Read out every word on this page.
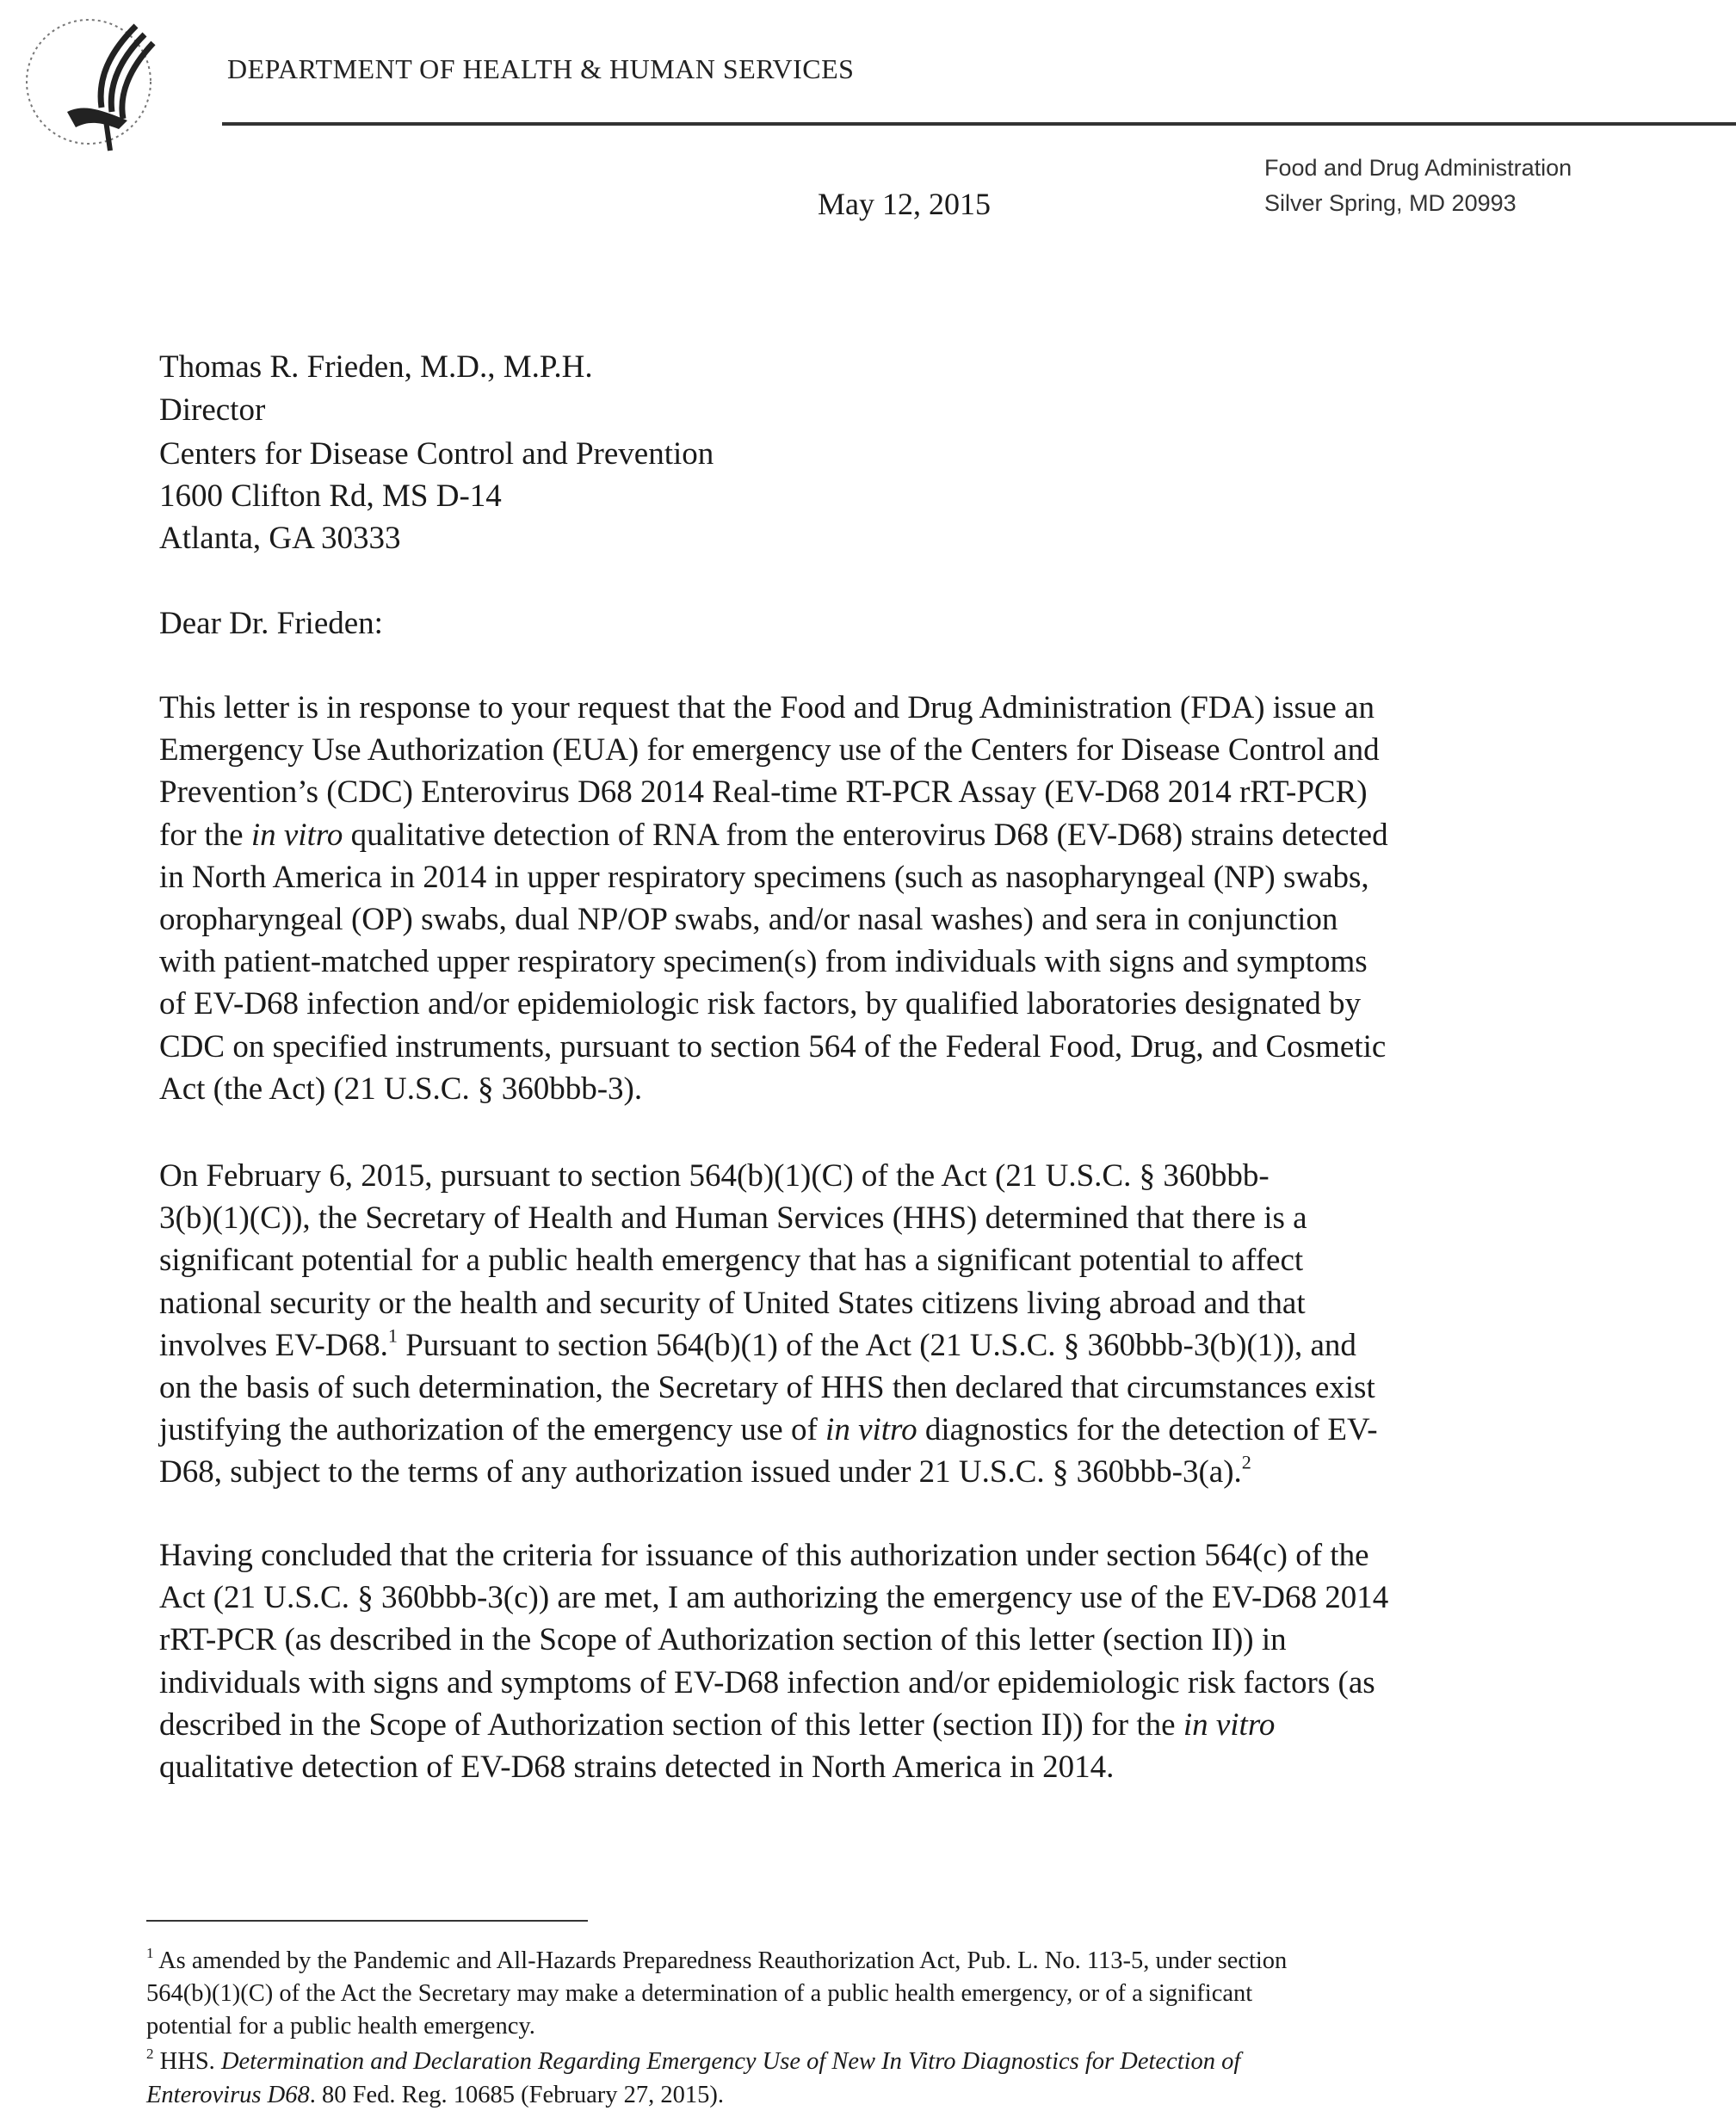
DEPARTMENT OF HEALTH & HUMAN SERVICES
May 12, 2015
Food and Drug Administration
Silver Spring, MD 20993
Thomas R. Frieden, M.D., M.P.H.
Director
Centers for Disease Control and Prevention
1600 Clifton Rd, MS D-14
Atlanta, GA 30333
Dear Dr. Frieden:
This letter is in response to your request that the Food and Drug Administration (FDA) issue an
Emergency Use Authorization (EUA) for emergency use of the Centers for Disease Control and
Prevention’s (CDC) Enterovirus D68 2014 Real-time RT-PCR Assay (EV-D68 2014 rRT-PCR)
for the in vitro qualitative detection of RNA from the enterovirus D68 (EV-D68) strains detected
in North America in 2014 in upper respiratory specimens (such as nasopharyngeal (NP) swabs,
oropharyngeal (OP) swabs, dual NP/OP swabs, and/or nasal washes) and sera in conjunction
with patient-matched upper respiratory specimen(s) from individuals with signs and symptoms
of EV-D68 infection and/or epidemiologic risk factors, by qualified laboratories designated by
CDC on specified instruments, pursuant to section 564 of the Federal Food, Drug, and Cosmetic
Act (the Act) (21 U.S.C. § 360bbb-3).
On February 6, 2015, pursuant to section 564(b)(1)(C) of the Act (21 U.S.C. § 360bbb-
3(b)(1)(C)), the Secretary of Health and Human Services (HHS) determined that there is a
significant potential for a public health emergency that has a significant potential to affect
national security or the health and security of United States citizens living abroad and that
involves EV-D68.$^1$ Pursuant to section 564(b)(1) of the Act (21 U.S.C. § 360bbb-3(b)(1)), and
on the basis of such determination, the Secretary of HHS then declared that circumstances exist
justifying the authorization of the emergency use of in vitro diagnostics for the detection of EV-
D68, subject to the terms of any authorization issued under 21 U.S.C. § 360bbb-3(a).$^2$
Having concluded that the criteria for issuance of this authorization under section 564(c) of the
Act (21 U.S.C. § 360bbb-3(c)) are met, I am authorizing the emergency use of the EV-D68 2014
rRT-PCR (as described in the Scope of Authorization section of this letter (section II)) in
individuals with signs and symptoms of EV-D68 infection and/or epidemiologic risk factors (as
described in the Scope of Authorization section of this letter (section II)) for the in vitro
qualitative detection of EV-D68 strains detected in North America in 2014.
$^1$ As amended by the Pandemic and All-Hazards Preparedness Reauthorization Act, Pub. L. No. 113-5, under section
564(b)(1)(C) of the Act the Secretary may make a determination of a public health emergency, or of a significant
potential for a public health emergency.
$^2$ HHS. Determination and Declaration Regarding Emergency Use of New In Vitro Diagnostics for Detection of
Enterovirus D68. 80 Fed. Reg. 10685 (February 27, 2015).
